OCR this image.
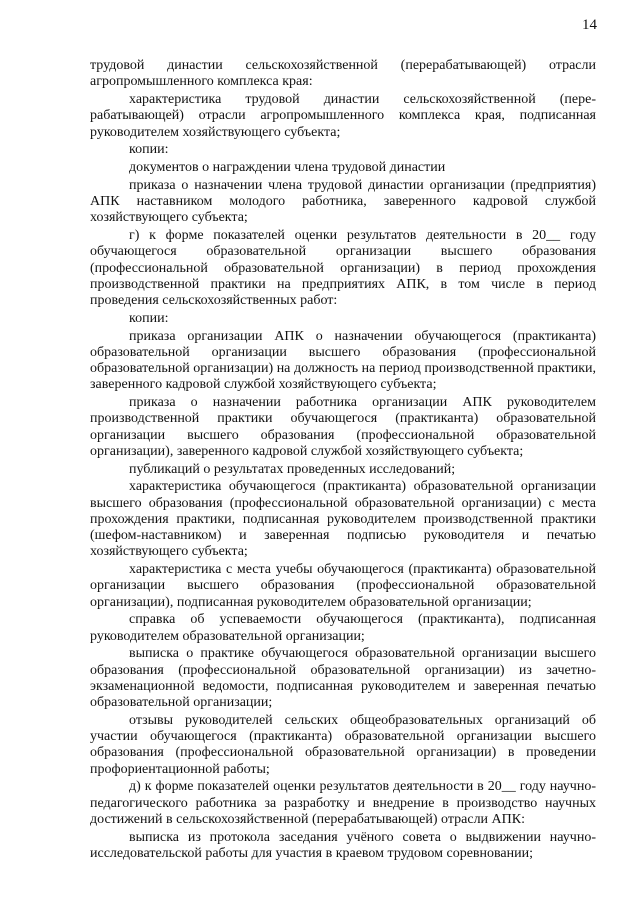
14

трудовой династии сельскохозяйственной (перерабатывающей) отрасли агропромышленного комплекса края:

характеристика трудовой династии сельскохозяйственной (пере-рабатывающей) отрасли агропромышленного комплекса края, подписанная руководителем хозяйствующего субъекта;

копии:

документов о награждении члена трудовой династии

приказа о назначении члена трудовой династии организации (предприятия) АПК наставником молодого работника, заверенного кадровой службой хозяйствующего субъекта;

г) к форме показателей оценки результатов деятельности в 20__ году обучающегося образовательной организации высшего образования (профессиональной образовательной организации) в период прохождения производственной практики на предприятиях АПК, в том числе в период проведения сельскохозяйственных работ:

копии:

приказа организации АПК о назначении обучающегося (практиканта) образовательной организации высшего образования (профессиональной образовательной организации) на должность на период производственной практики, заверенного кадровой службой хозяйствующего субъекта;

приказа о назначении работника организации АПК руководителем производственной практики обучающегося (практиканта) образовательной организации высшего образования (профессиональной образовательной организации), заверенного кадровой службой хозяйствующего субъекта;

публикаций о результатах проведенных исследований;

характеристика обучающегося (практиканта) образовательной организации высшего образования (профессиональной образовательной организации) с места прохождения практики, подписанная руководителем производственной практики (шефом-наставником) и заверенная подписью руководителя и печатью хозяйствующего субъекта;

характеристика с места учебы обучающегося (практиканта) образовательной организации высшего образования (профессиональной образовательной организации), подписанная руководителем образовательной организации;

справка об успеваемости обучающегося (практиканта), подписанная руководителем образовательной организации;

выписка о практике обучающегося образовательной организации высшего образования (профессиональной образовательной организации) из зачетно-экзаменационной ведомости, подписанная руководителем и заверенная печатью образовательной организации;

отзывы руководителей сельских общеобразовательных организаций об участии обучающегося (практиканта) образовательной организации высшего образования (профессиональной образовательной организации) в проведении профориентационной работы;

д) к форме показателей оценки результатов деятельности в 20__ году научно-педагогического работника за разработку и внедрение в производство научных достижений в сельскохозяйственной (перерабатывающей) отрасли АПК:

выписка из протокола заседания учёного совета о выдвижении научно-исследовательской работы для участия в краевом трудовом соревновании;
